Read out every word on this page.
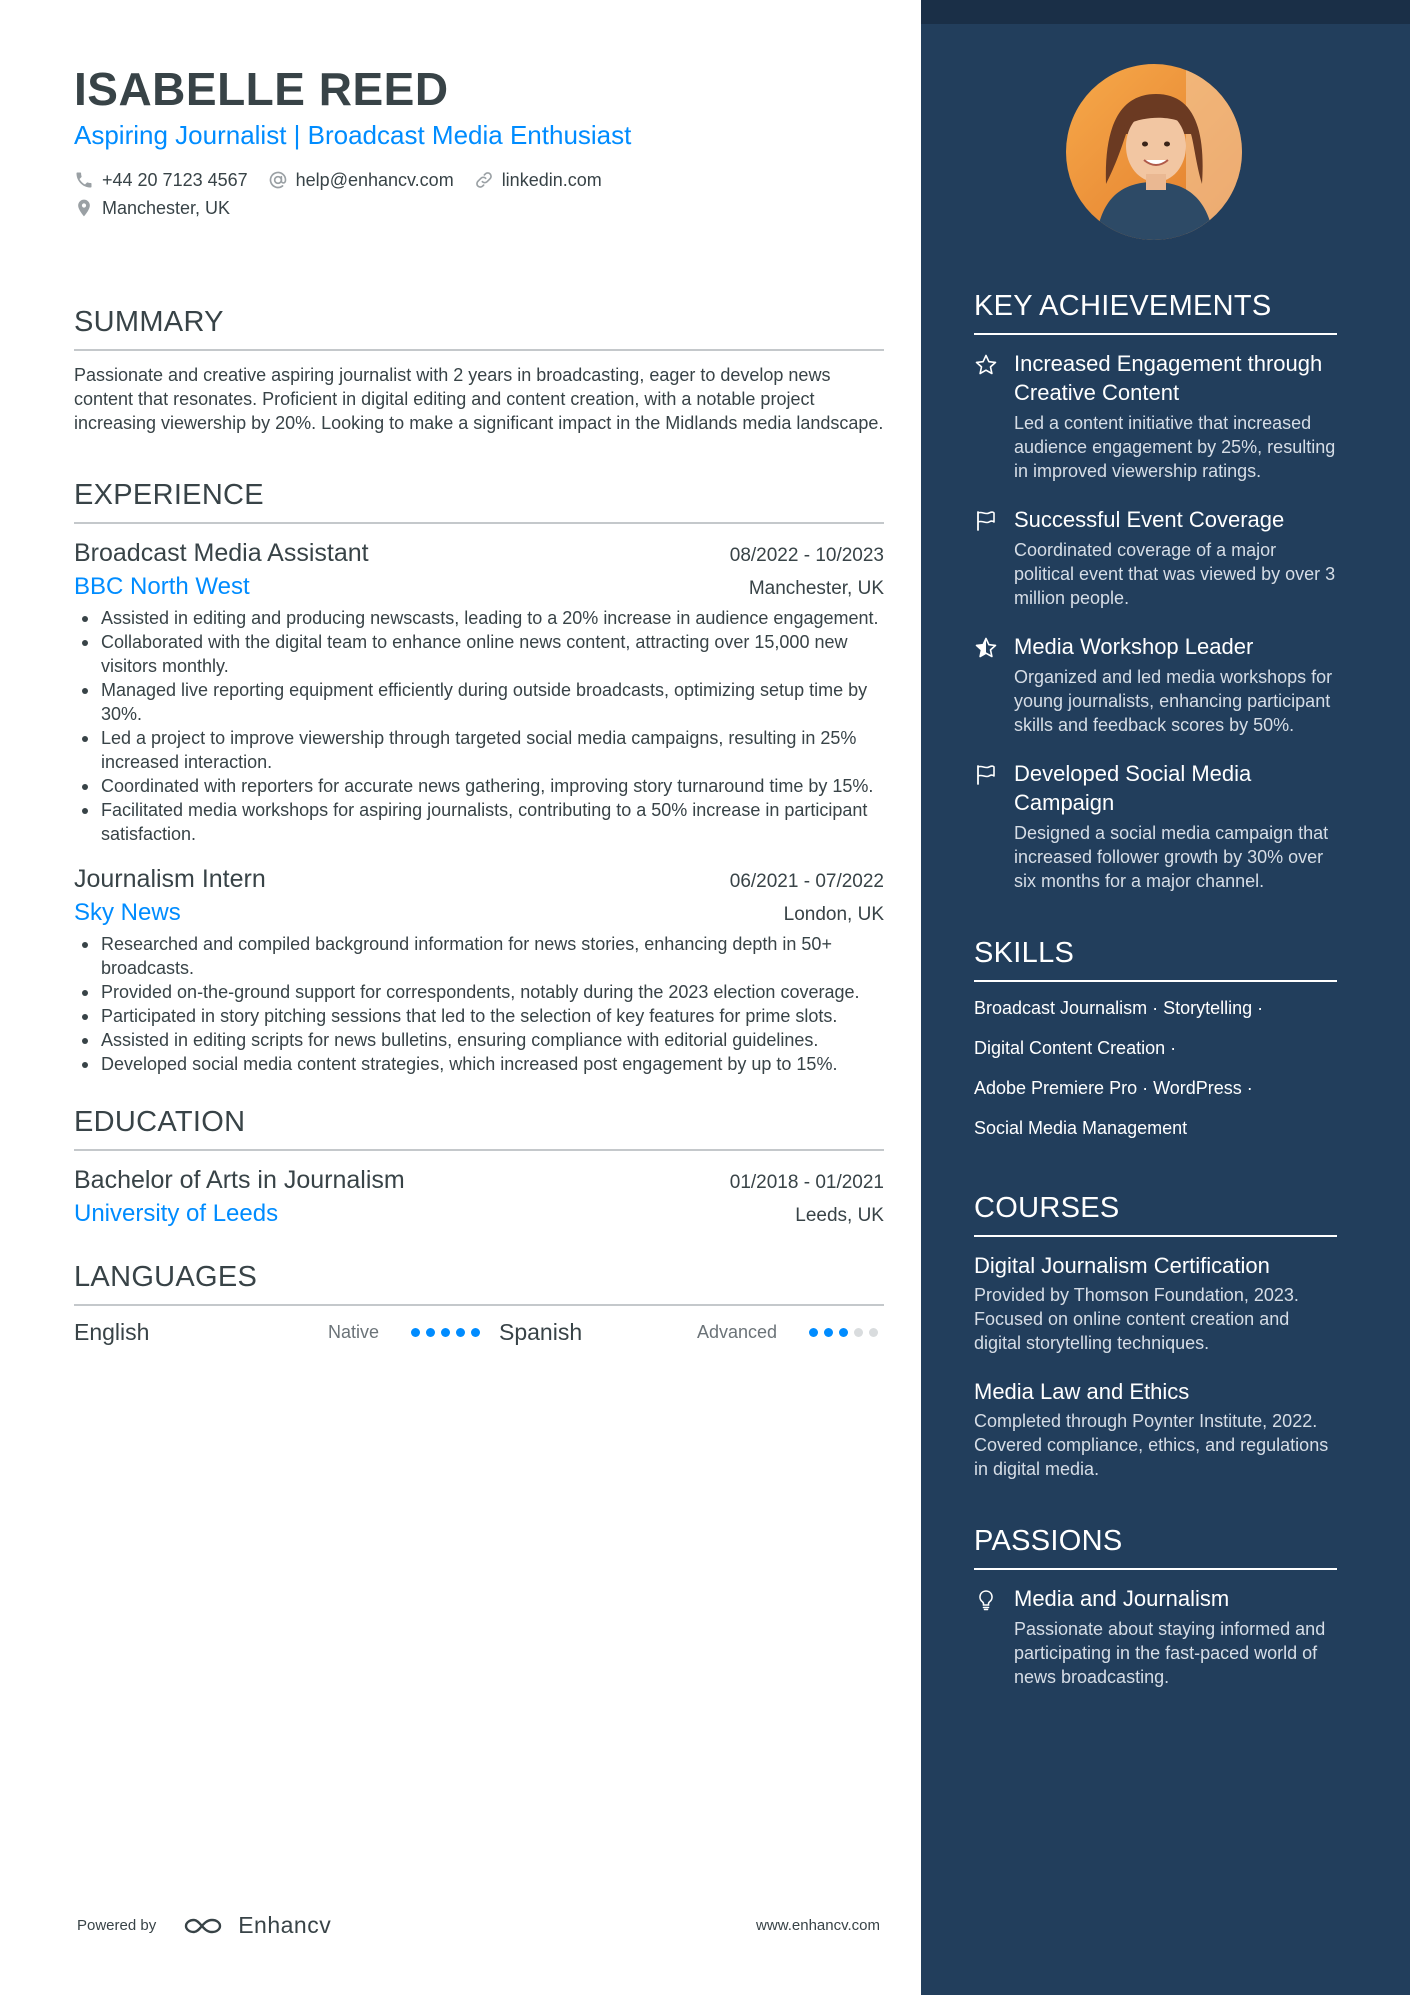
ISABELLE REED
Aspiring Journalist | Broadcast Media Enthusiast
+44 20 7123 4567	help@enhancv.com	linkedin.com
Manchester, UK
SUMMARY
Passionate and creative aspiring journalist with 2 years in broadcasting, eager to develop news content that resonates. Proficient in digital editing and content creation, with a notable project increasing viewership by 20%. Looking to make a significant impact in the Midlands media landscape.
EXPERIENCE
Broadcast Media Assistant	08/2022 - 10/2023
BBC North West	Manchester, UK
Assisted in editing and producing newscasts, leading to a 20% increase in audience engagement.
Collaborated with the digital team to enhance online news content, attracting over 15,000 new visitors monthly.
Managed live reporting equipment efficiently during outside broadcasts, optimizing setup time by 30%.
Led a project to improve viewership through targeted social media campaigns, resulting in 25% increased interaction.
Coordinated with reporters for accurate news gathering, improving story turnaround time by 15%.
Facilitated media workshops for aspiring journalists, contributing to a 50% increase in participant satisfaction.
Journalism Intern	06/2021 - 07/2022
Sky News	London, UK
Researched and compiled background information for news stories, enhancing depth in 50+ broadcasts.
Provided on-the-ground support for correspondents, notably during the 2023 election coverage.
Participated in story pitching sessions that led to the selection of key features for prime slots.
Assisted in editing scripts for news bulletins, ensuring compliance with editorial guidelines.
Developed social media content strategies, which increased post engagement by up to 15%.
EDUCATION
Bachelor of Arts in Journalism	01/2018 - 01/2021
University of Leeds	Leeds, UK
LANGUAGES
English	Native	Spanish	Advanced
KEY ACHIEVEMENTS
Increased Engagement through Creative Content
Led a content initiative that increased audience engagement by 25%, resulting in improved viewership ratings.
Successful Event Coverage
Coordinated coverage of a major political event that was viewed by over 3 million people.
Media Workshop Leader
Organized and led media workshops for young journalists, enhancing participant skills and feedback scores by 50%.
Developed Social Media Campaign
Designed a social media campaign that increased follower growth by 30% over six months for a major channel.
SKILLS
Broadcast Journalism · Storytelling ·
Digital Content Creation ·
Adobe Premiere Pro · WordPress ·
Social Media Management
COURSES
Digital Journalism Certification
Provided by Thomson Foundation, 2023. Focused on online content creation and digital storytelling techniques.
Media Law and Ethics
Completed through Poynter Institute, 2022. Covered compliance, ethics, and regulations in digital media.
PASSIONS
Media and Journalism
Passionate about staying informed and participating in the fast-paced world of news broadcasting.
Powered by	Enhancv	www.enhancv.com
